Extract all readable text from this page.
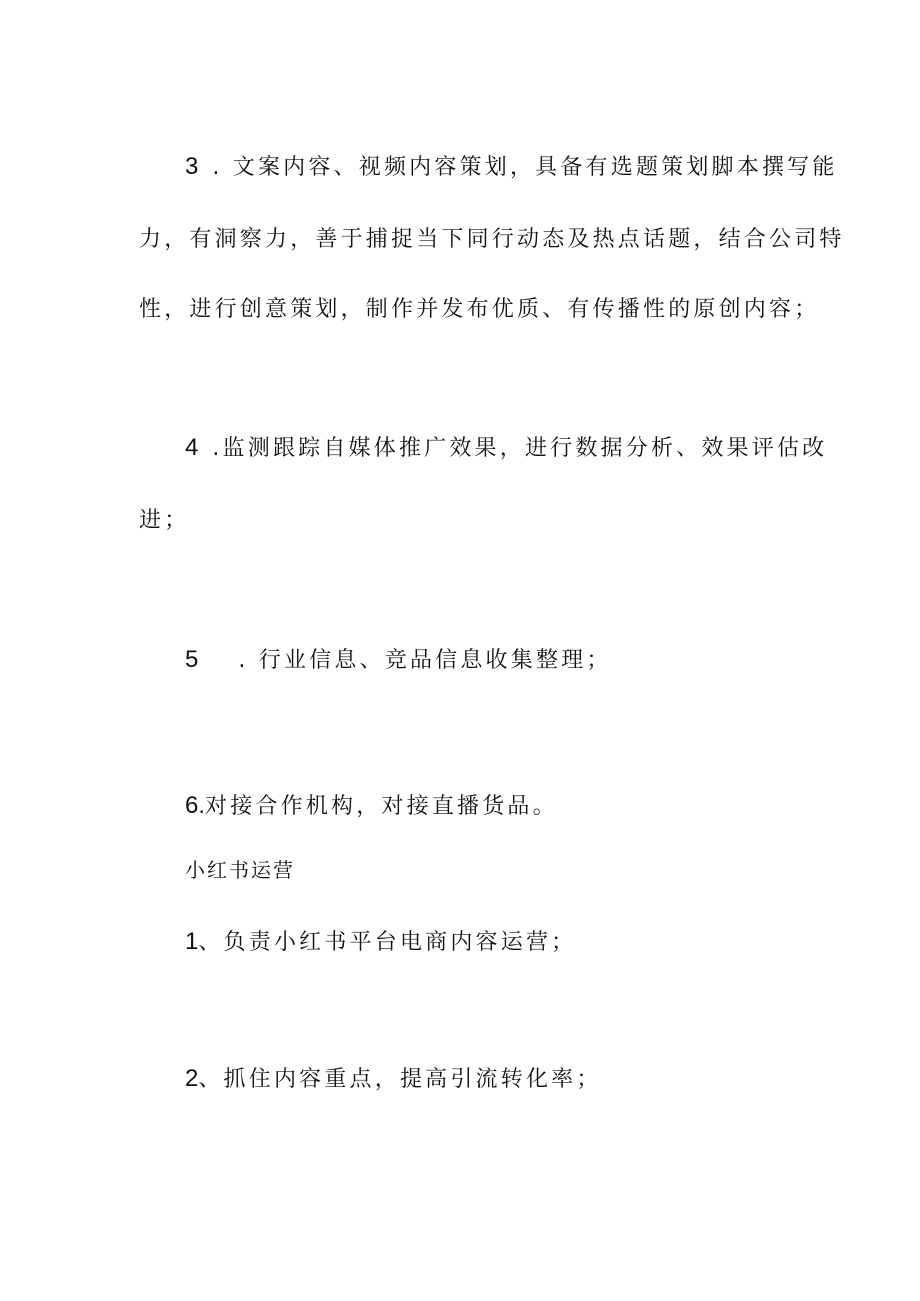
3 . 文案内容、视频内容策划，具备有选题策划脚本撰写能
力，有洞察力，善于捕捉当下同行动态及热点话题，结合公司特
性，进行创意策划，制作并发布优质、有传播性的原创内容；
4 .监测跟踪自媒体推广效果，进行数据分析、效果评估改
进；
5 . 行业信息、竞品信息收集整理；
6.对接合作机构，对接直播货品。
小红书运营
1、负责小红书平台电商内容运营；
2、抓住内容重点，提高引流转化率；
